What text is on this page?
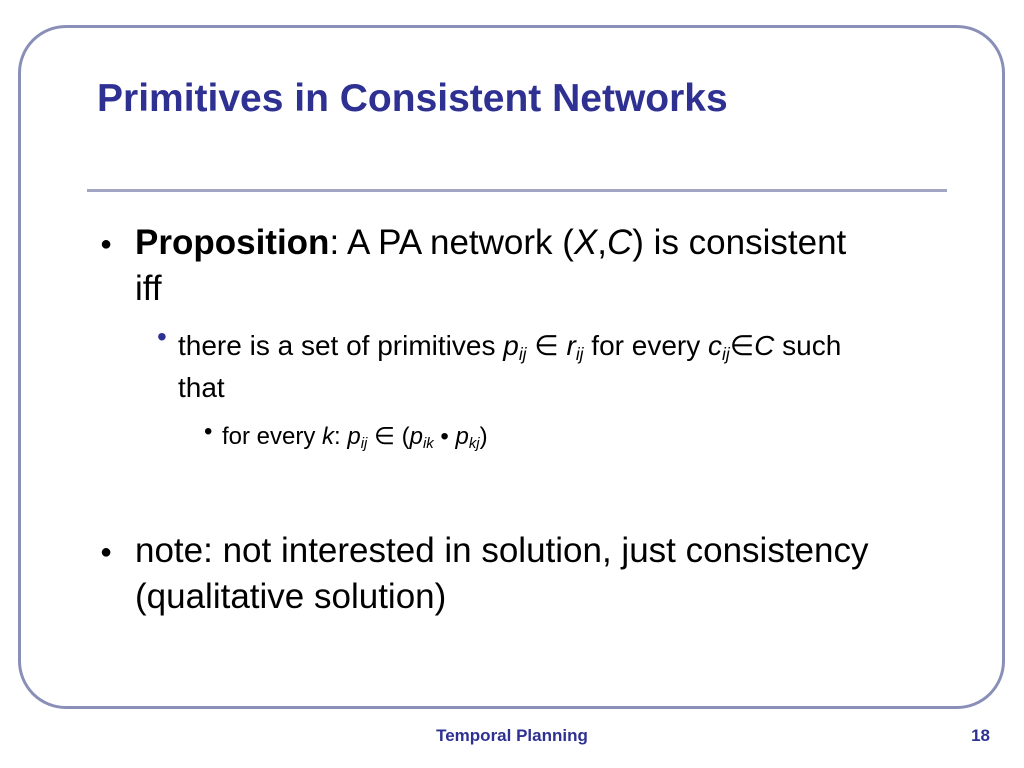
Primitives in Consistent Networks
● Proposition: A PA network (X,C) is consistent iff
• there is a set of primitives $p_{ij}$ ∈ $r_{ij}$ for every $c_{ij}\in C$ such that
• for every k: $p_{ij}$ ∈ ($p_{ik}$ • $p_{kj}$)
● note: not interested in solution, just consistency (qualitative solution)
Temporal Planning	18
